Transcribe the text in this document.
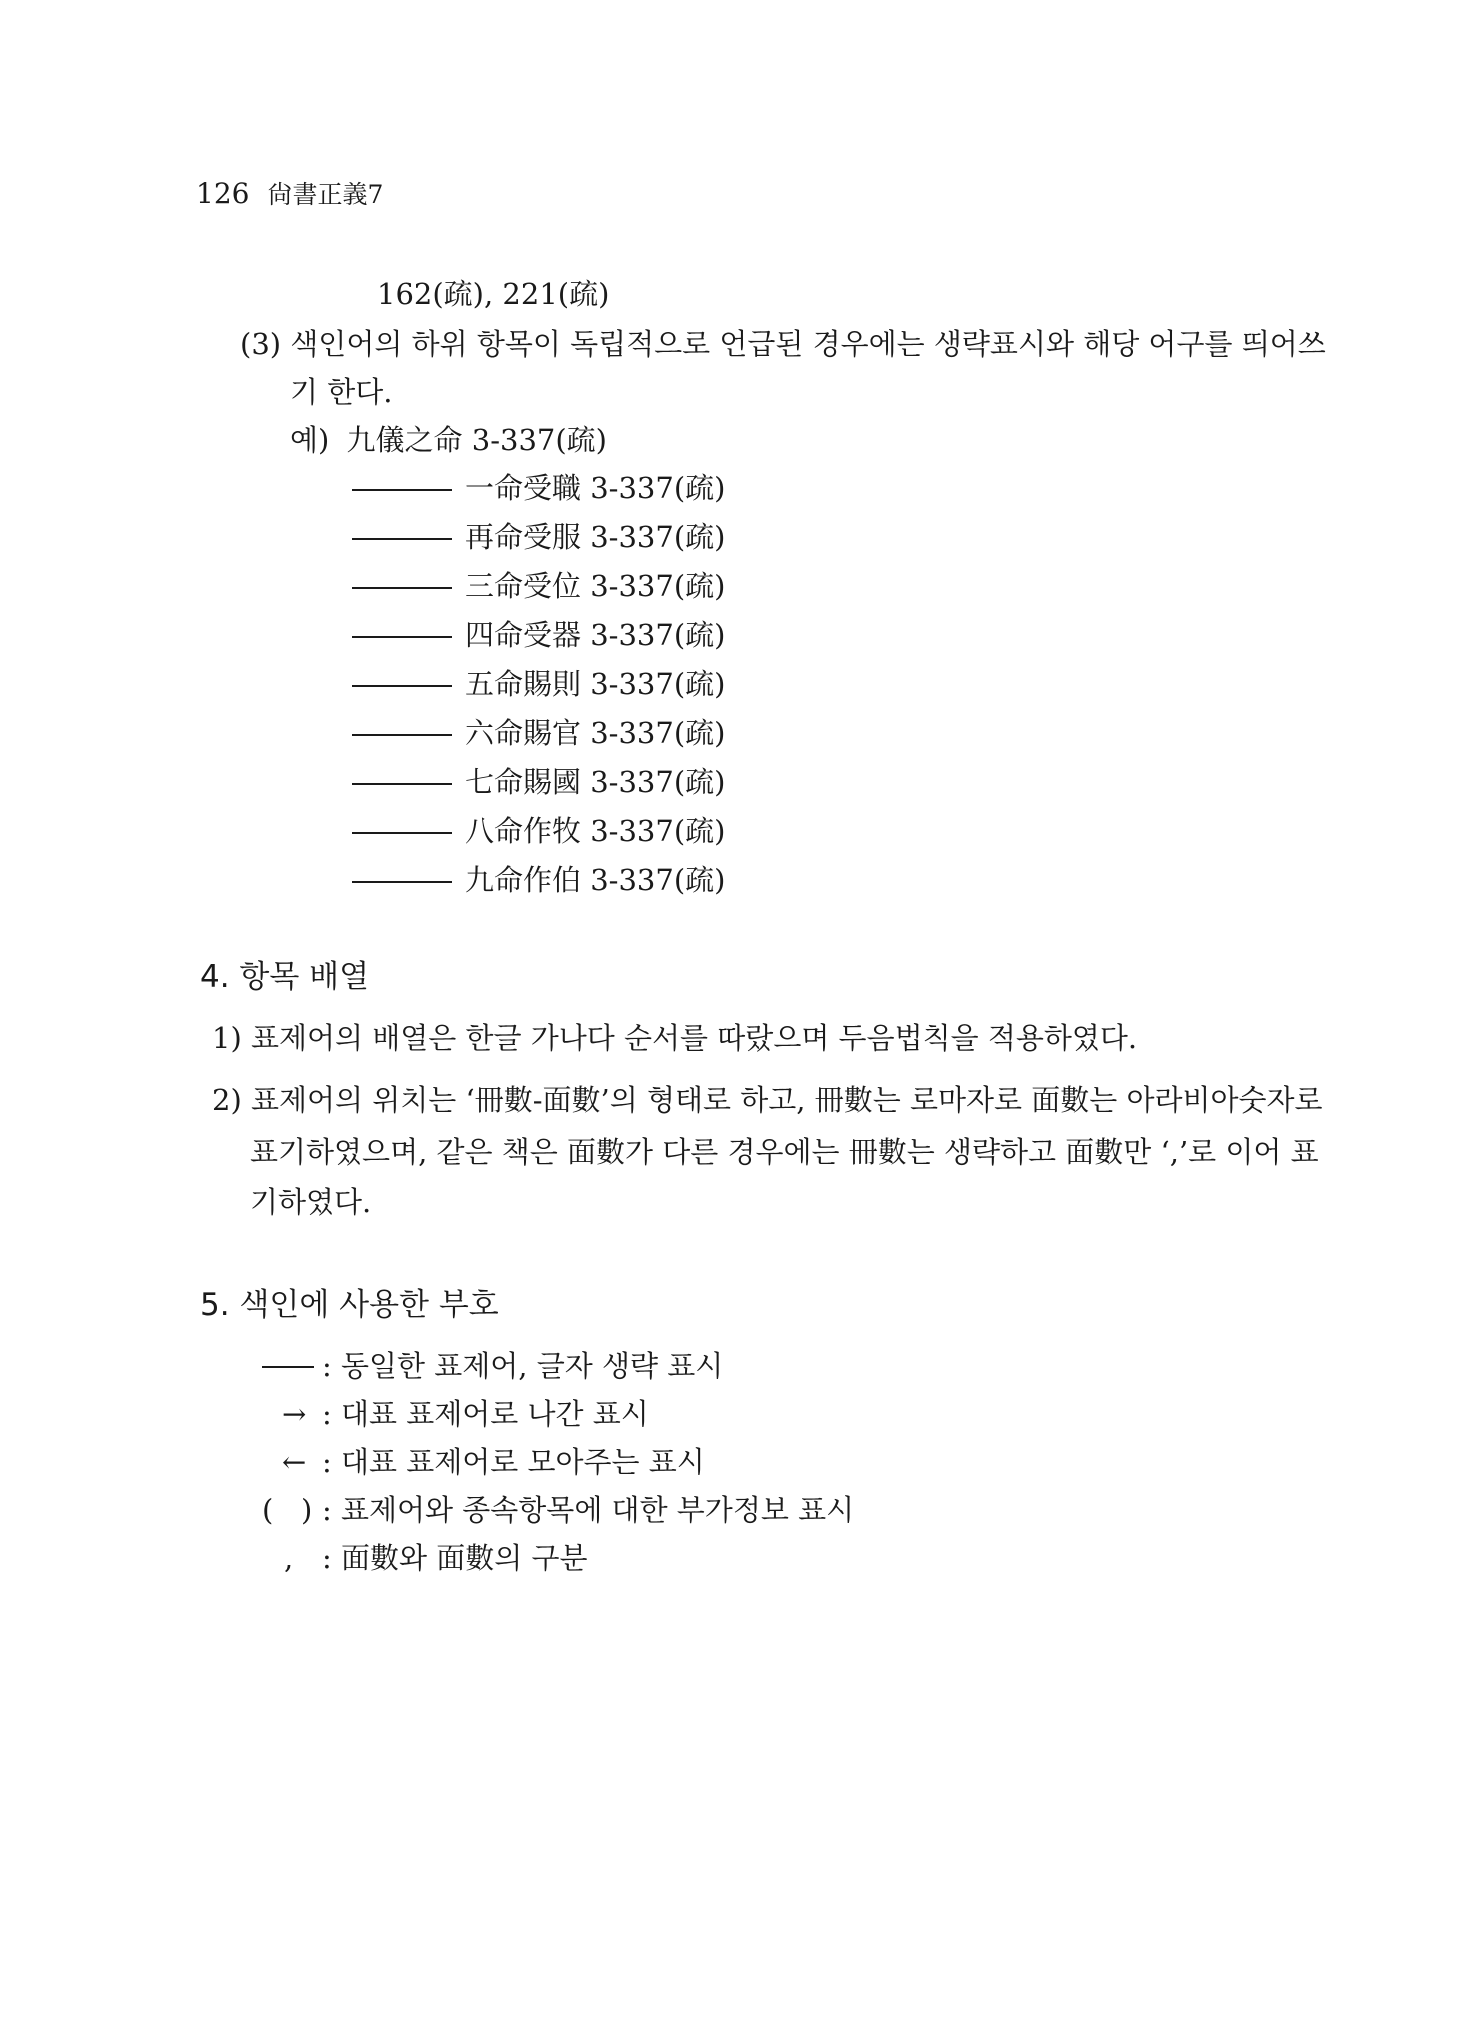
126 尙書正義7
162(疏), 221(疏)
(3) 색인어의 하위 항목이 독립적으로 언급된 경우에는 생략표시와 해당 어구를 띄어쓰
기 한다.
예) 九儀之命 3-337(疏)
一命受職 3-337(疏)
再命受服 3-337(疏)
三命受位 3-337(疏)
四命受器 3-337(疏)
五命賜則 3-337(疏)
六命賜官 3-337(疏)
七命賜國 3-337(疏)
八命作牧 3-337(疏)
九命作伯 3-337(疏)
4. 항목 배열
1) 표제어의 배열은 한글 가나다 순서를 따랐으며 두음법칙을 적용하였다.
2) 표제어의 위치는 ‘冊數-面數’의 형태로 하고, 冊數는 로마자로 面數는 아라비아숫자로
표기하였으며, 같은 책은 面數가 다른 경우에는 冊數는 생략하고 面數만 ‘,’로 이어 표
기하였다.
5. 색인에 사용한 부호
: 동일한 표제어, 글자 생략 표시
→ : 대표 표제어로 나간 표시
← : 대표 표제어로 모아주는 표시
(   ) : 표제어와 종속항목에 대한 부가정보 표시
, : 面數와 面數의 구분
